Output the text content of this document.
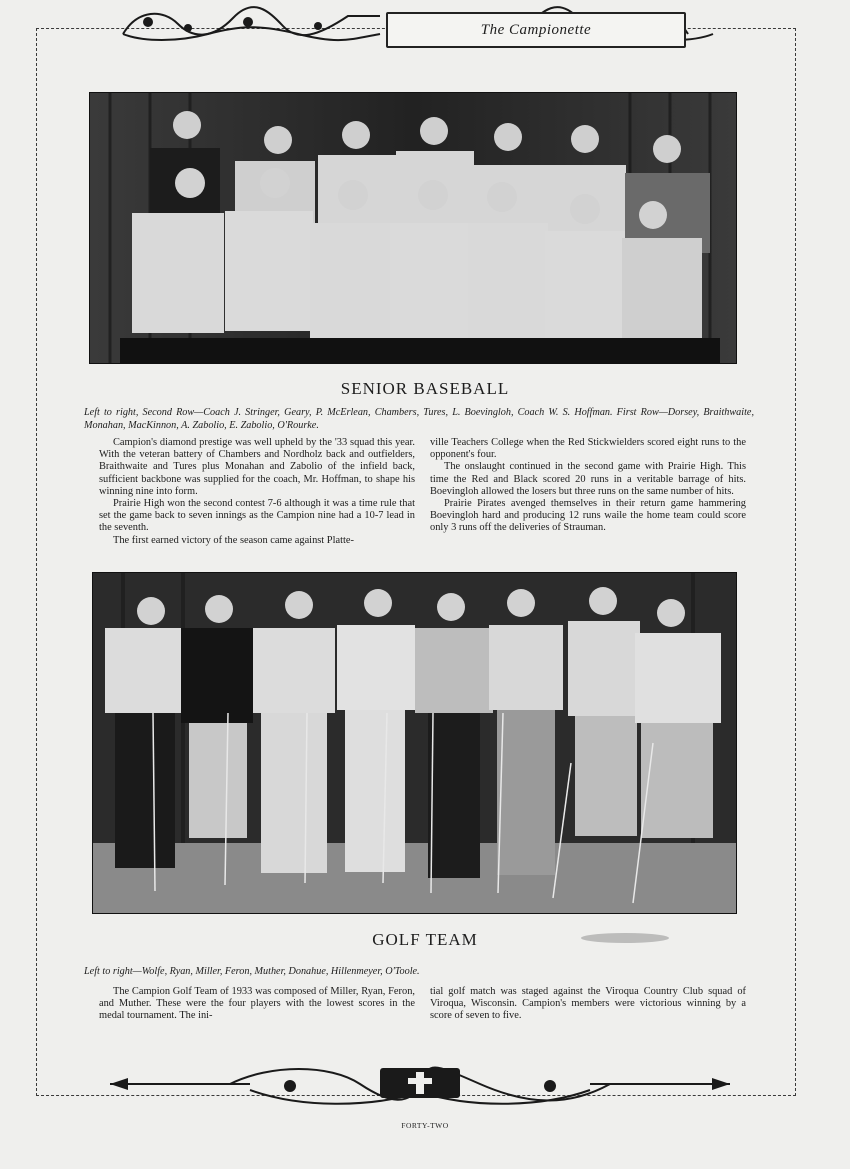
The Campionette
SENIOR BASEBALL
Left to right, Second Row—Coach J. Stringer, Geary, P. McErlean, Chambers, Tures, L. Boevingloh, Coach W. S. Hoffman. First Row—Dorsey, Braithwaite, Monahan, MacKinnon, A. Zabolio, E. Zabolio, O'Rourke.

Campion's diamond prestige was well upheld by the '33 squad this year. With the veteran battery of Chambers and Nordholz back and outfielders, Braithwaite and Tures plus Monahan and Zabolio of the infield back, sufficient backbone was supplied for the coach, Mr. Hoffman, to shape his winning nine into form.

Prairie High won the second contest 7-6 although it was a time rule that set the game back to seven innings as the Campion nine had a 10-7 lead in the seventh.

The first earned victory of the season came against Platte-

ville Teachers College when the Red Stickwielders scored eight runs to the opponent's four.

The onslaught continued in the second game with Prairie High. This time the Red and Black scored 20 runs in a veritable barrage of hits. Boevingloh allowed the losers but three runs on the same number of hits.

Prairie Pirates avenged themselves in their return game hammering Boevingloh hard and producing 12 runs waile the home team could score only 3 runs off the deliveries of Strauman.

GOLF TEAM
Left to right—Wolfe, Ryan, Miller, Feron, Muther, Donahue, Hillenmeyer, O'Toole.

The Campion Golf Team of 1933 was composed of Miller, Ryan, Feron, and Muther. These were the four players with the lowest scores in the medal tournament. The ini-

tial golf match was staged against the Viroqua Country Club squad of Viroqua, Wisconsin. Campion's members were victorious winning by a score of seven to five.

FORTY-TWO
